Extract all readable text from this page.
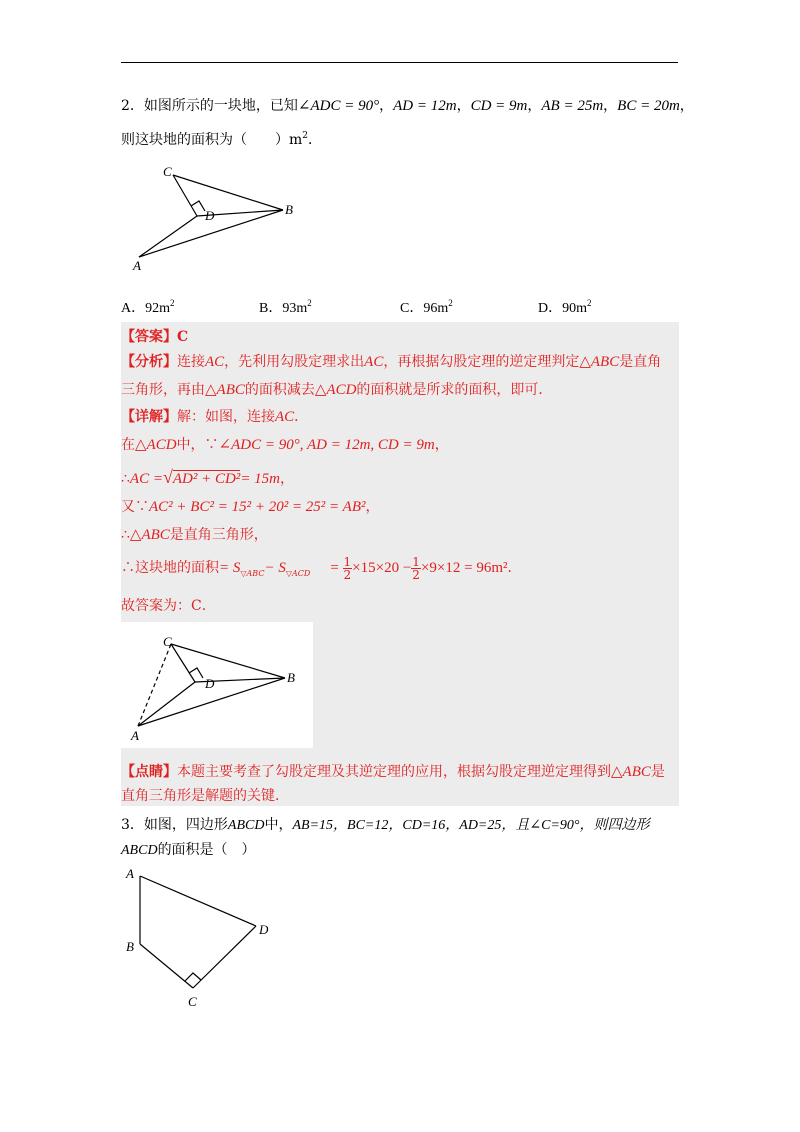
2．如图所示的一块地，已知∠ADC = 90°，AD = 12m，CD = 9m，AB = 25m，BC = 20m，
则这块地的面积为（　　）$m^2$．
C
D	B
A
A．$92m^2$	B．$93m^2$	C．$96m^2$	D．$90m^2$
【答案】C
【分析】连接AC，先利用勾股定理求出AC，再根据勾股定理的逆定理判定△ABC是直角
三角形，再由△ABC的面积减去△ACD的面积就是所求的面积，即可．
【详解】解：如图，连接AC．
在△ACD中，∵∠ADC = 90°, AD = 12m, CD = 9m，
∴AC =√AD² + CD²= 15m，
又∵AC² + BC² = 15² + 20² = 25² = AB²，
∴△ABC是直角三角形，
∴这块地的面积= $S_{▽ABC}- S_{▽ACD} = \frac{1}{2} \times 15\times 20 - \frac{1}{2} \times 9\times 12 = 96m^2$．
故答案为：C．
C
D	B
A
【点睛】本题主要考查了勾股定理及其逆定理的应用，根据勾股定理逆定理得到△ABC是
直角三角形是解题的关键．
3．如图，四边形ABCD中，AB=15，BC=12，CD=16，AD=25，且∠C=90°，则四边形
ABCD的面积是（　）
A
B
C
D
